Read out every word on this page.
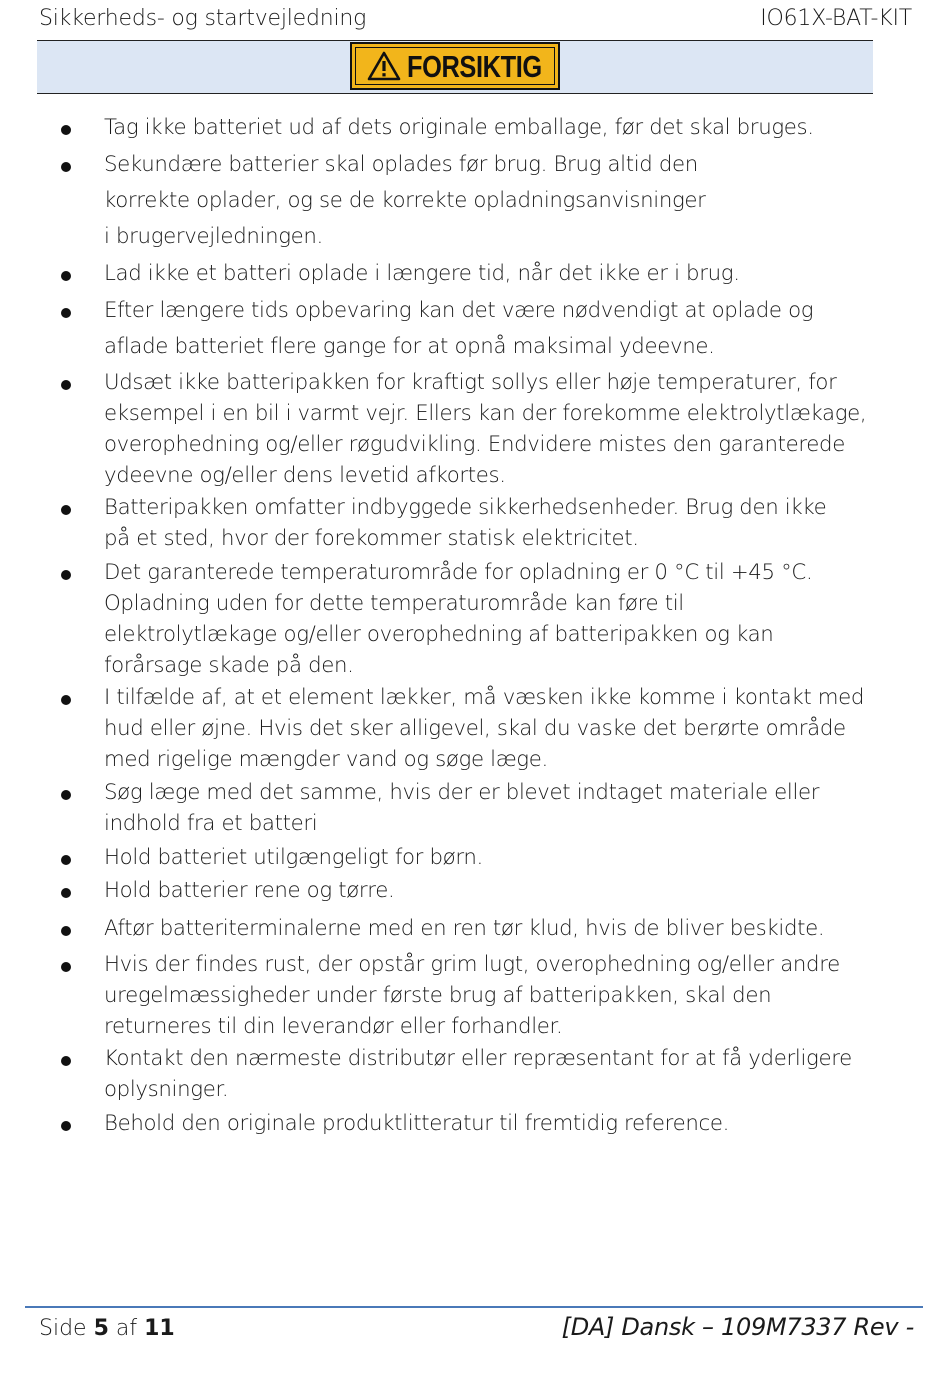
Sikkerheds- og startvejledning	IO61X-BAT-KIT
FORSIKTIG
Tag ikke batteriet ud af dets originale emballage, før det skal bruges.
Sekundære batterier skal oplades før brug. Brug altid den
korrekte oplader, og se de korrekte opladningsanvisninger
i brugervejledningen.
Lad ikke et batteri oplade i længere tid, når det ikke er i brug.
Efter længere tids opbevaring kan det være nødvendigt at oplade og
aflade batteriet flere gange for at opnå maksimal ydeevne.
Udsæt ikke batteripakken for kraftigt sollys eller høje temperaturer, for
eksempel i en bil i varmt vejr. Ellers kan der forekomme elektrolytlækage,
overophedning og/eller røgudvikling. Endvidere mistes den garanterede
ydeevne og/eller dens levetid afkortes.
Batteripakken omfatter indbyggede sikkerhedsenheder. Brug den ikke
på et sted, hvor der forekommer statisk elektricitet.
Det garanterede temperaturområde for opladning er 0 °C til +45 °C.
Opladning uden for dette temperaturområde kan føre til
elektrolytlækage og/eller overophedning af batteripakken og kan
forårsage skade på den.
I tilfælde af, at et element lækker, må væsken ikke komme i kontakt med
hud eller øjne. Hvis det sker alligevel, skal du vaske det berørte område
med rigelige mængder vand og søge læge.
Søg læge med det samme, hvis der er blevet indtaget materiale eller
indhold fra et batteri
Hold batteriet utilgængeligt for børn.
Hold batterier rene og tørre.
Aftør batteriterminalerne med en ren tør klud, hvis de bliver beskidte.
Hvis der findes rust, der opstår grim lugt, overophedning og/eller andre
uregelmæssigheder under første brug af batteripakken, skal den
returneres til din leverandør eller forhandler.
Kontakt den nærmeste distributør eller repræsentant for at få yderligere
oplysninger.
Behold den originale produktlitteratur til fremtidig reference.
Side 5 af 11	[DA] Dansk – 109M7337 Rev -
